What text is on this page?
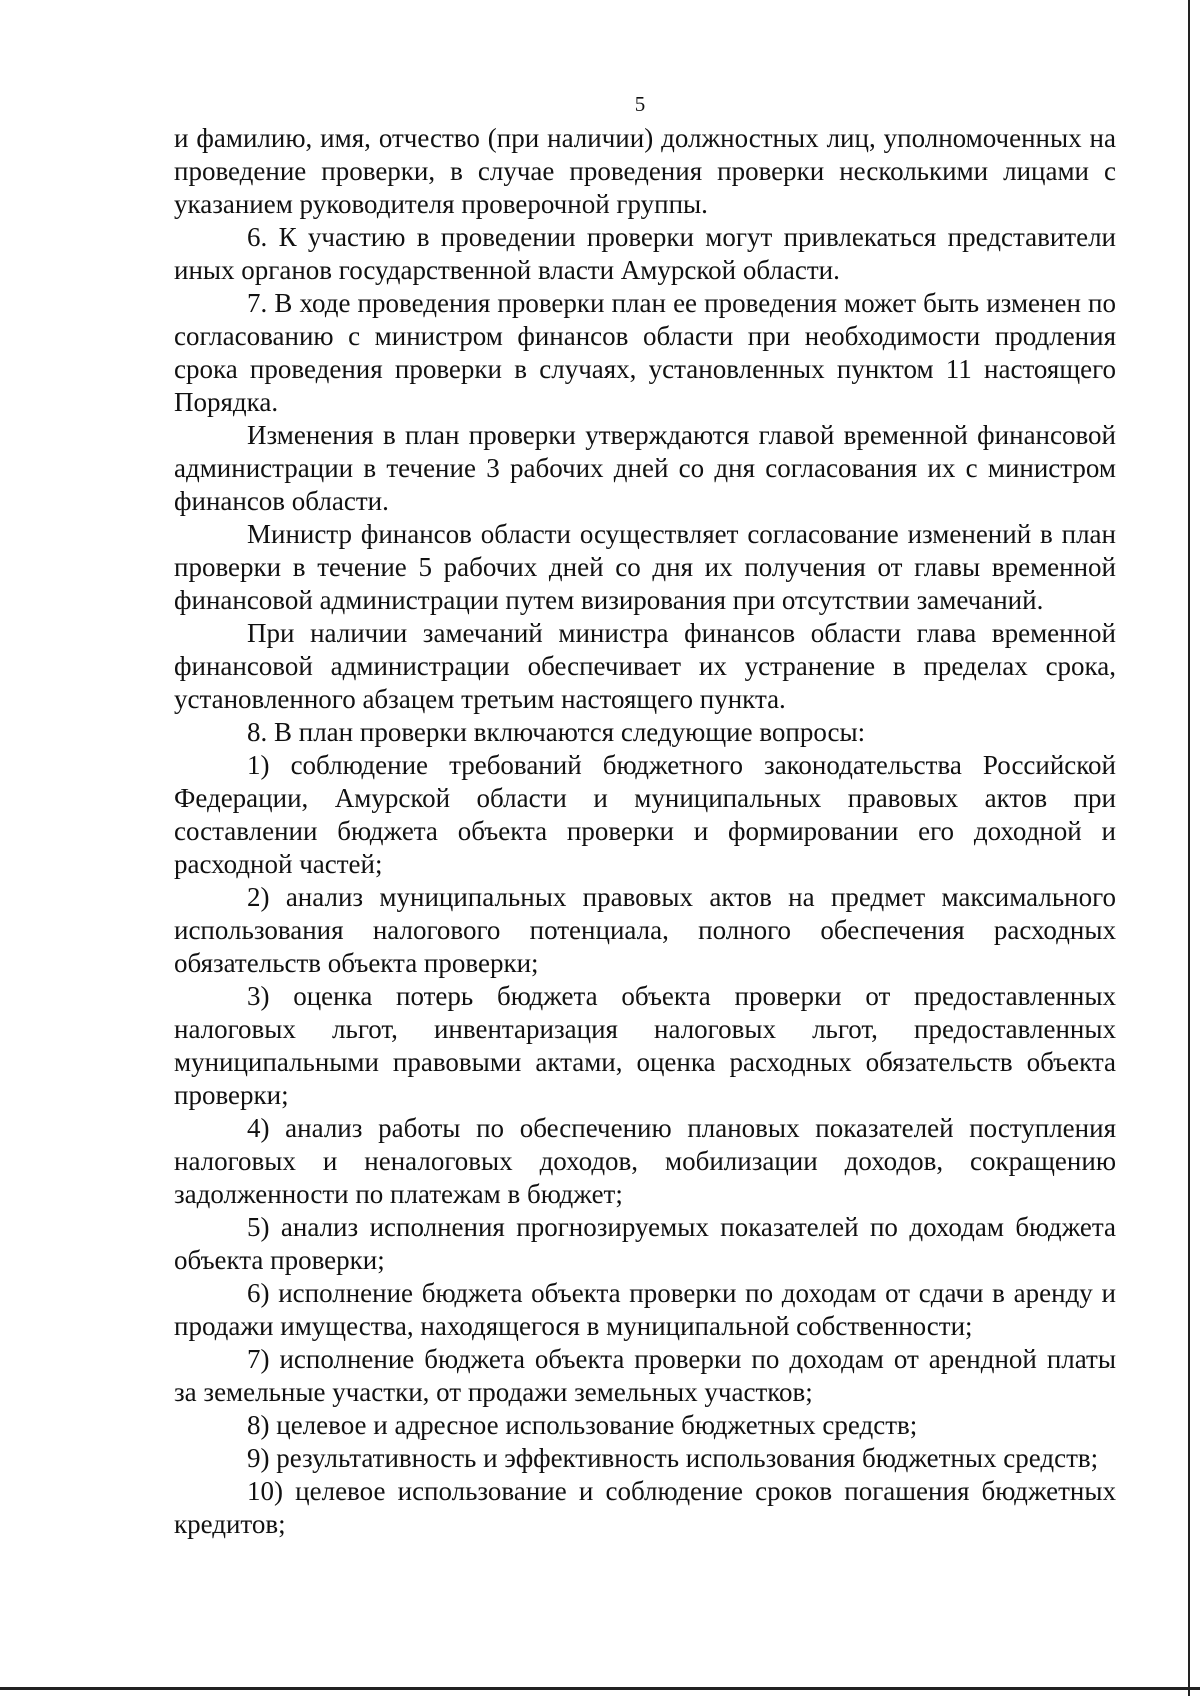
5

и фамилию, имя, отчество (при наличии) должностных лиц, уполномоченных на проведение проверки, в случае проведения проверки несколькими лицами с указанием руководителя проверочной группы.

6. К участию в проведении проверки могут привлекаться представители иных органов государственной власти Амурской области.

7. В ходе проведения проверки план ее проведения может быть изменен по согласованию с министром финансов области при необходимости продления срока проведения проверки в случаях, установленных пунктом 11 настоящего Порядка.

Изменения в план проверки утверждаются главой временной финансовой администрации в течение 3 рабочих дней со дня согласования их с министром финансов области.

Министр финансов области осуществляет согласование изменений в план проверки в течение 5 рабочих дней со дня их получения от главы временной финансовой администрации путем визирования при отсутствии замечаний.

При наличии замечаний министра финансов области глава временной финансовой администрации обеспечивает их устранение в пределах срока, установленного абзацем третьим настоящего пункта.

8. В план проверки включаются следующие вопросы:

1) соблюдение требований бюджетного законодательства Российской Федерации, Амурской области и муниципальных правовых актов при составлении бюджета объекта проверки и формировании его доходной и расходной частей;

2) анализ муниципальных правовых актов на предмет максимального использования налогового потенциала, полного обеспечения расходных обязательств объекта проверки;

3) оценка потерь бюджета объекта проверки от предоставленных налоговых льгот, инвентаризация налоговых льгот, предоставленных муниципальными правовыми актами, оценка расходных обязательств объекта проверки;

4) анализ работы по обеспечению плановых показателей поступления налоговых и неналоговых доходов, мобилизации доходов, сокращению задолженности по платежам в бюджет;

5) анализ исполнения прогнозируемых показателей по доходам бюджета объекта проверки;

6) исполнение бюджета объекта проверки по доходам от сдачи в аренду и продажи имущества, находящегося в муниципальной собственности;

7) исполнение бюджета объекта проверки по доходам от арендной платы за земельные участки, от продажи земельных участков;

8) целевое и адресное использование бюджетных средств;

9) результативность и эффективность использования бюджетных средств;

10) целевое использование и соблюдение сроков погашения бюджетных кредитов;
